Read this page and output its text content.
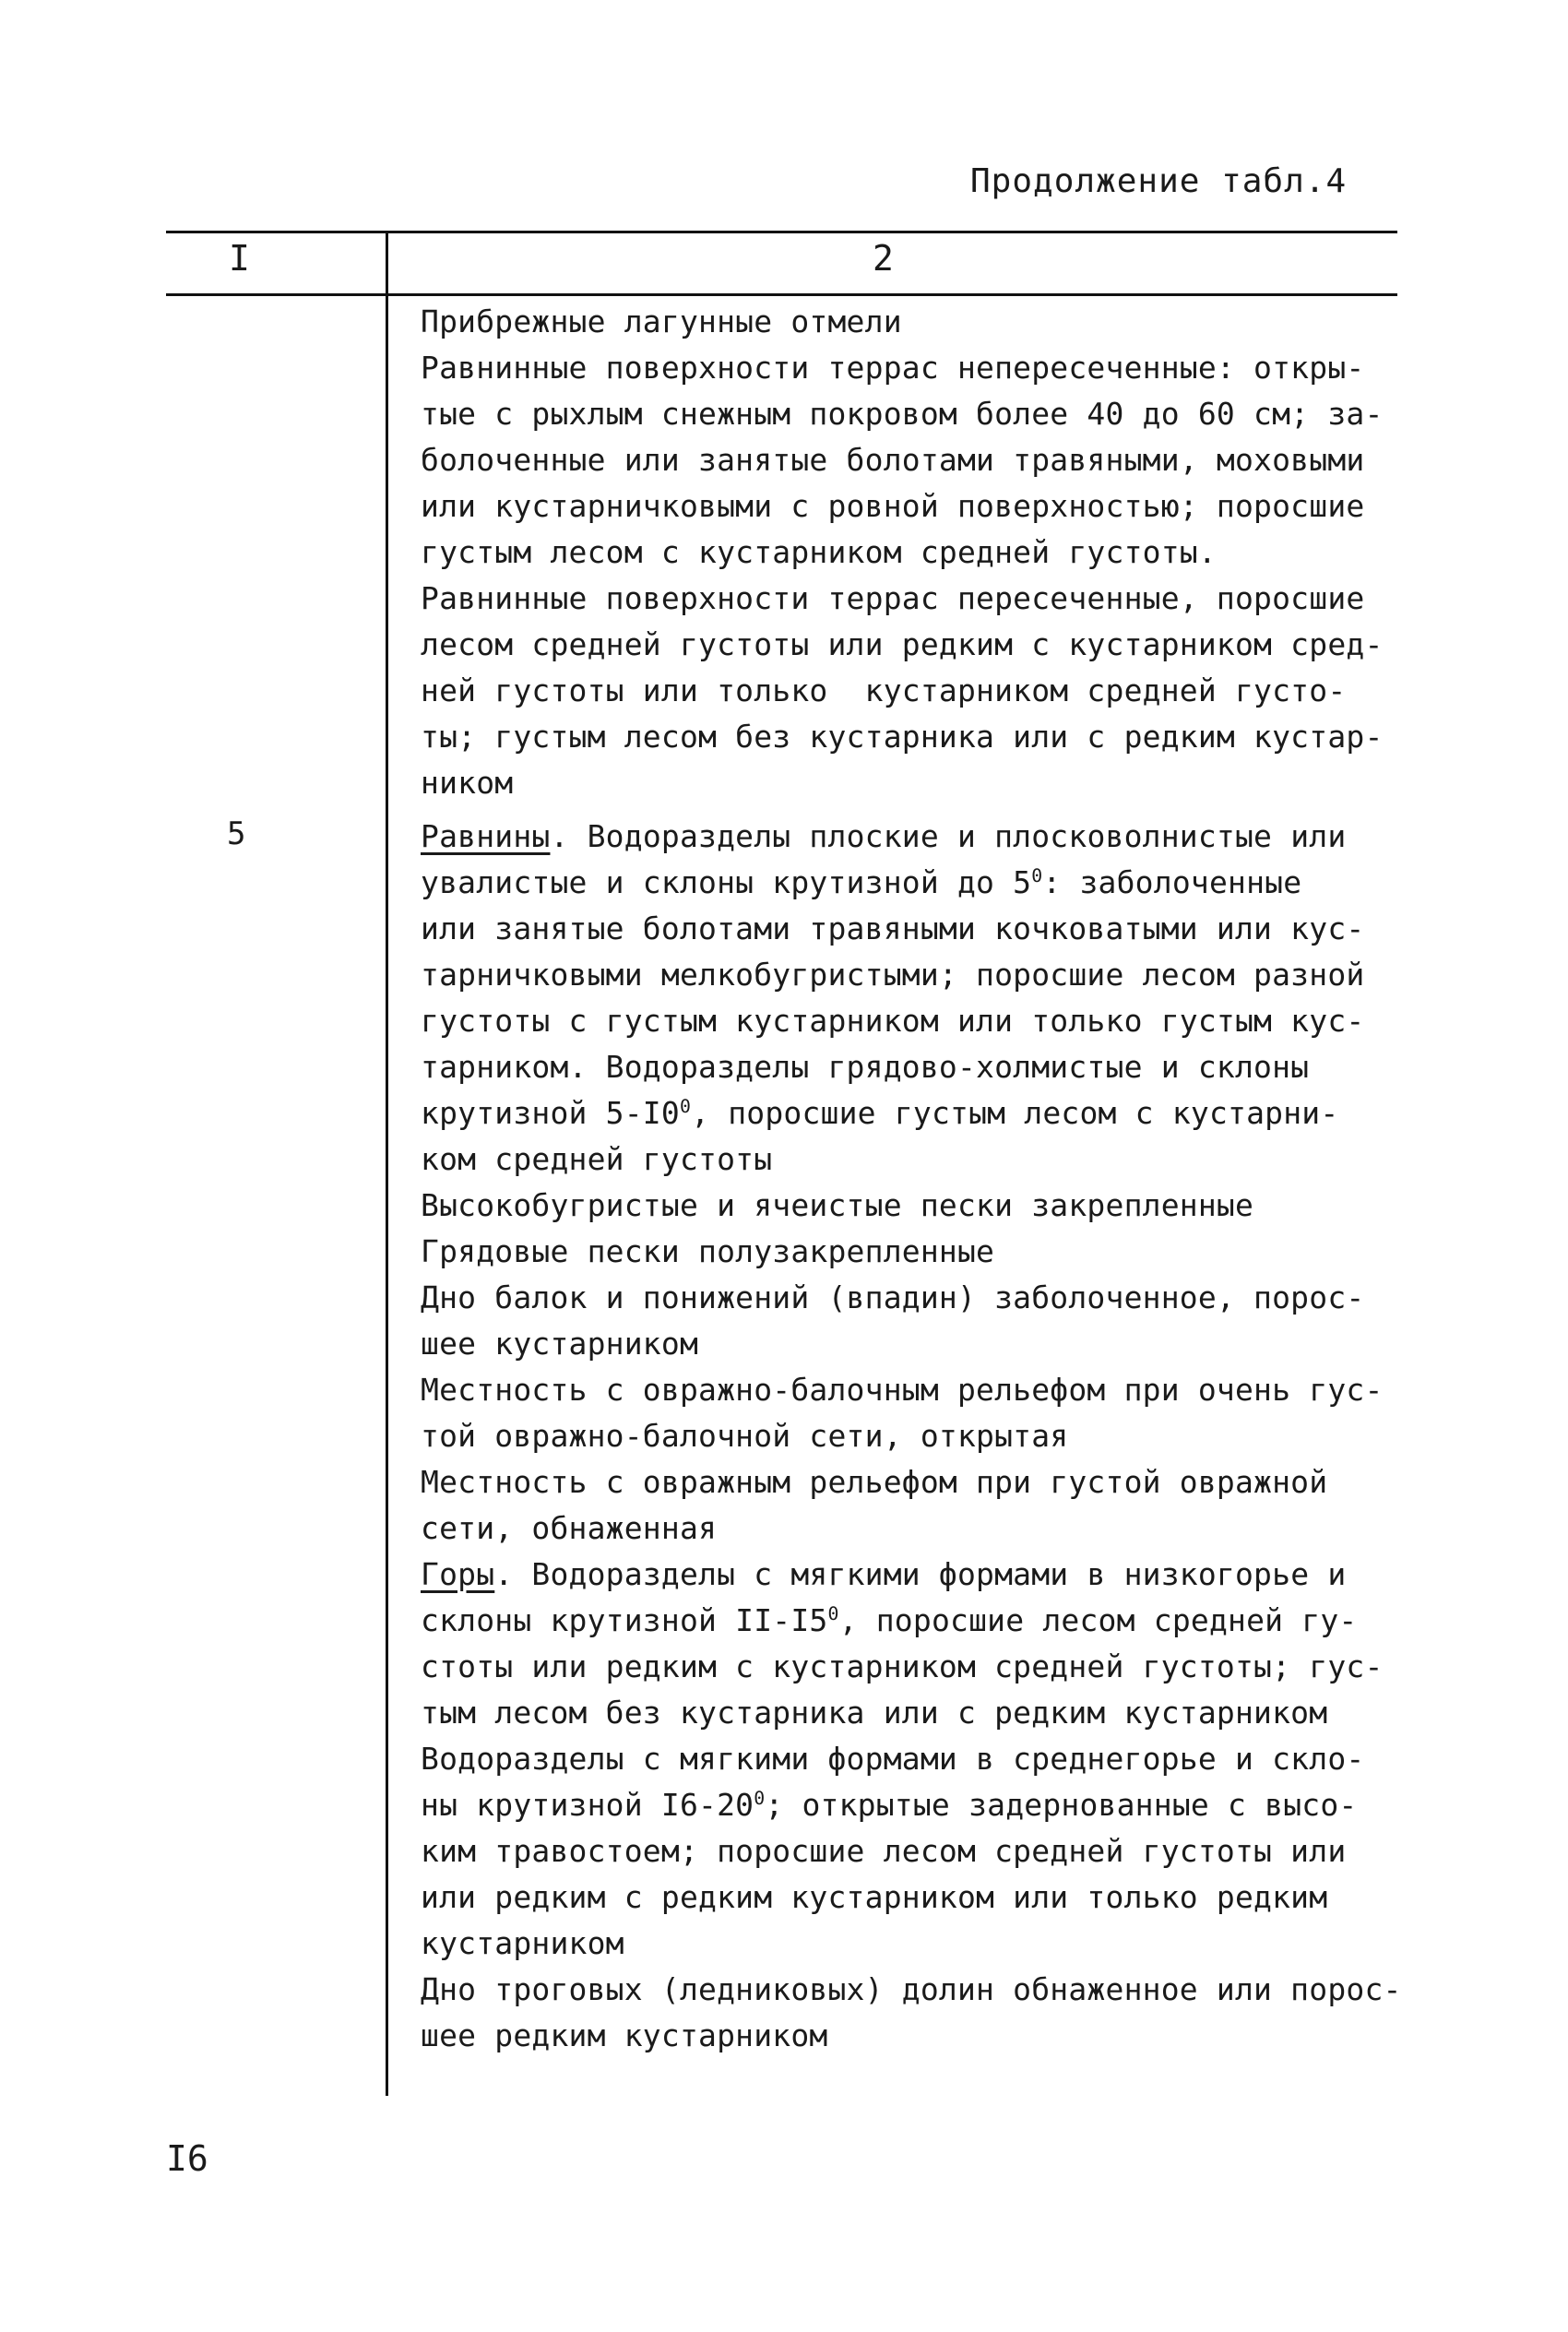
Продолжение табл.4
I	2
5
Прибрежные лагунные отмели
Равнинные поверхности террас непересеченные: откры-
тые с рыхлым снежным покровом более 40 до 60 см; за-
болоченные или занятые болотами травяными, моховыми
или кустарничковыми с ровной поверхностью; поросшие
густым лесом с кустарником средней густоты.
Равнинные поверхности террас пересеченные, поросшие
лесом средней густоты или редким с кустарником сред-
ней густоты или только  кустарником средней густо-
ты; густым лесом без кустарника или с редким кустар-
ником
Равнины. Водоразделы плоские и плосковолнистые или
увалистые и склоны крутизной до $5^0$: заболоченные
или занятые болотами травяными кочковатыми или кус-
тарничковыми мелкобугристыми; поросшие лесом разной
густоты с густым кустарником или только густым кус-
тарником. Водоразделы грядово-холмистые и склоны
крутизной $5-I0^0$, поросшие густым лесом с кустарни-
ком средней густоты
Высокобугристые и ячеистые пески закрепленные
Грядовые пески полузакрепленные
Дно балок и понижений (впадин) заболоченное, порос-
шее кустарником
Местность с овражно-балочным рельефом при очень гус-
той овражно-балочной сети, открытая
Местность с овражным рельефом при густой овражной
сети, обнаженная
Горы. Водоразделы с мягкими формами в низкогорье и
склоны крутизной $II-I5^0$, поросшие лесом средней гу-
стоты или редким с кустарником средней густоты; гус-
тым лесом без кустарника или с редким кустарником
Водоразделы с мягкими формами в среднегорье и скло-
ны крутизной $I6-20^0$; открытые задернованные с высо-
ким травостоем; поросшие лесом средней густоты или
или редким с редким кустарником или только редким
кустарником
Дно троговых (ледниковых) долин обнаженное или порос-
шее редким кустарником
I6
